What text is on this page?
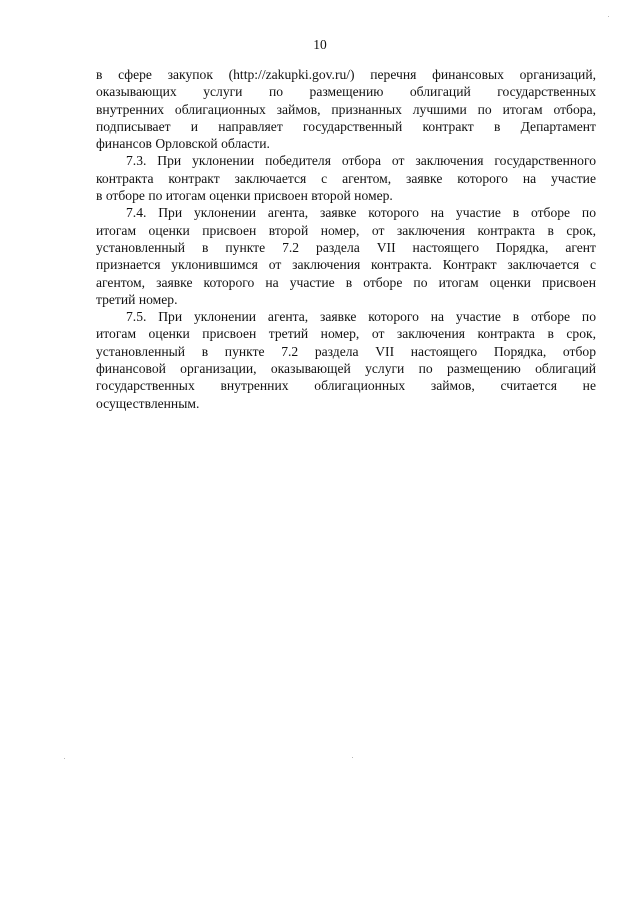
10
в сфере закупок (http://zakupki.gov.ru/) перечня финансовых организаций,
оказывающих услуги по размещению облигаций государственных
внутренних облигационных займов, признанных лучшими по итогам отбора,
подписывает и направляет государственный контракт в Департамент
финансов Орловской области.
7.3. При уклонении победителя отбора от заключения государственного
контракта контракт заключается с агентом, заявке которого на участие
в отборе по итогам оценки присвоен второй номер.
7.4. При уклонении агента, заявке которого на участие в отборе по
итогам оценки присвоен второй номер, от заключения контракта в срок,
установленный в пункте 7.2 раздела VII настоящего Порядка, агент
признается уклонившимся от заключения контракта. Контракт заключается с
агентом, заявке которого на участие в отборе по итогам оценки присвоен
третий номер.
7.5. При уклонении агента, заявке которого на участие в отборе по
итогам оценки присвоен третий номер, от заключения контракта в срок,
установленный в пункте 7.2 раздела VII настоящего Порядка, отбор
финансовой организации, оказывающей услуги по размещению облигаций
государственных внутренних облигационных займов, считается не
осуществленным.
